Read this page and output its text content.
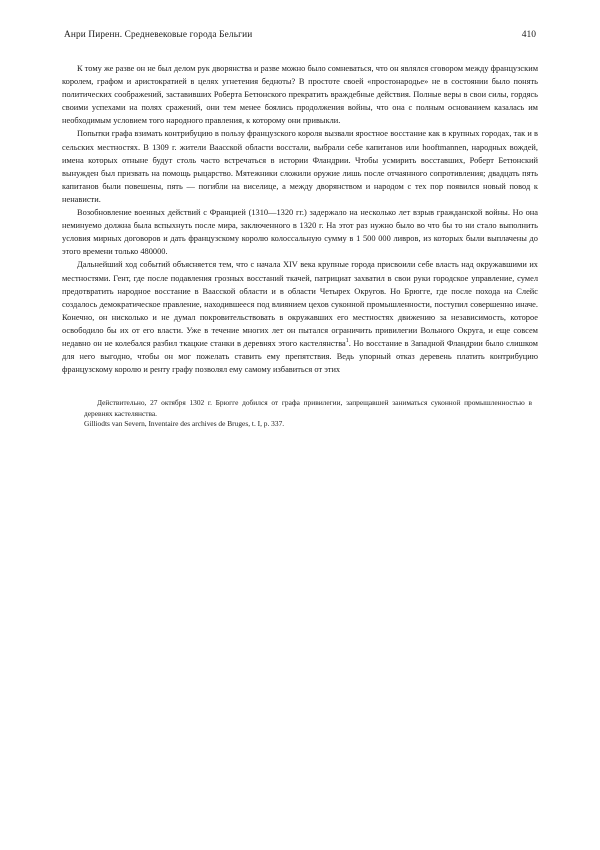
Анри Пиренн. Средневековые города Бельгии	410

К тому же разве он не был делом рук дворянства и разве можно было сомневаться, что он являлся сговором между французским королем, графом и аристократией в целях угнетения бедноты? В простоте своей «простонародье» не в состоянии было понять политических соображений, заставивших Роберта Бетюнского прекратить враждебные действия. Полные веры в свои силы, гордясь своими успехами на полях сражений, они тем менее боялись продолжения войны, что она с полным основанием казалась им необходимым условием того народного правления, к которому они привыкли.

Попытки графа взимать контрибуцию в пользу французского короля вызвали яростное восстание как в крупных городах, так и в сельских местностях. В 1309 г. жители Ваасской области восстали, выбрали себе капитанов или hooftmannen, народных вождей, имена которых отныне будут столь часто встречаться в истории Фландрии. Чтобы усмирить восставших, Роберт Бетюнский вынужден был призвать на помощь рыцарство. Мятежники сложили оружие лишь после отчаянного сопротивления; двадцать пять капитанов были повешены, пять — погибли на виселице, а между дворянством и народом с тех пор появился новый повод к ненависти.

Возобновление военных действий с Францией (1310—1320 гг.) задержало на несколько лет взрыв гражданской войны. Но она неминуемо должна была вспыхнуть после мира, заключенного в 1320 г. На этот раз нужно было во что бы то ни стало выполнить условия мирных договоров и дать французскому королю колоссальную сумму в 1 500 000 ливров, из которых были выплачены до этого времени только 480000.

Дальнейший ход событий объясняется тем, что с начала XIV века крупные города присвоили себе власть над окружавшими их местностями. Гент, где после подавления грозных восстаний ткачей, патрициат захватил в свои руки городское управление, сумел предотвратить народное восстание в Ваасской области и в области Четырех Округов. Но Брюгге, где после похода на Слейс создалось демократическое правление, находившееся под влиянием цехов суконной промышленности, поступил совершенно иначе. Конечно, он нисколько и не думал покровительствовать в окружавших его местностях движению за независимость, которое освободило бы их от его власти. Уже в течение многих лет он пытался ограничить привилегии Вольного Округа, и еще совсем недавно он не колебался разбил ткацкие станки в деревнях этого кастелянства$^1$. Но восстание в Западной Фландрии было слишком для него выгодно, чтобы он мог пожелать ставить ему препятствия. Ведь упорный отказ деревень платить контрибуцию французскому королю и ренту графу позволял ему самому избавиться от этих

Действительно, 27 октября 1302 г. Брюгге добился от графа привилегии, запрещавшей заниматься суконной промышленностью в деревнях кастелянства.

Gilliodts van Severn, Inventaire des archives de Bruges, t. I, p. 337.
